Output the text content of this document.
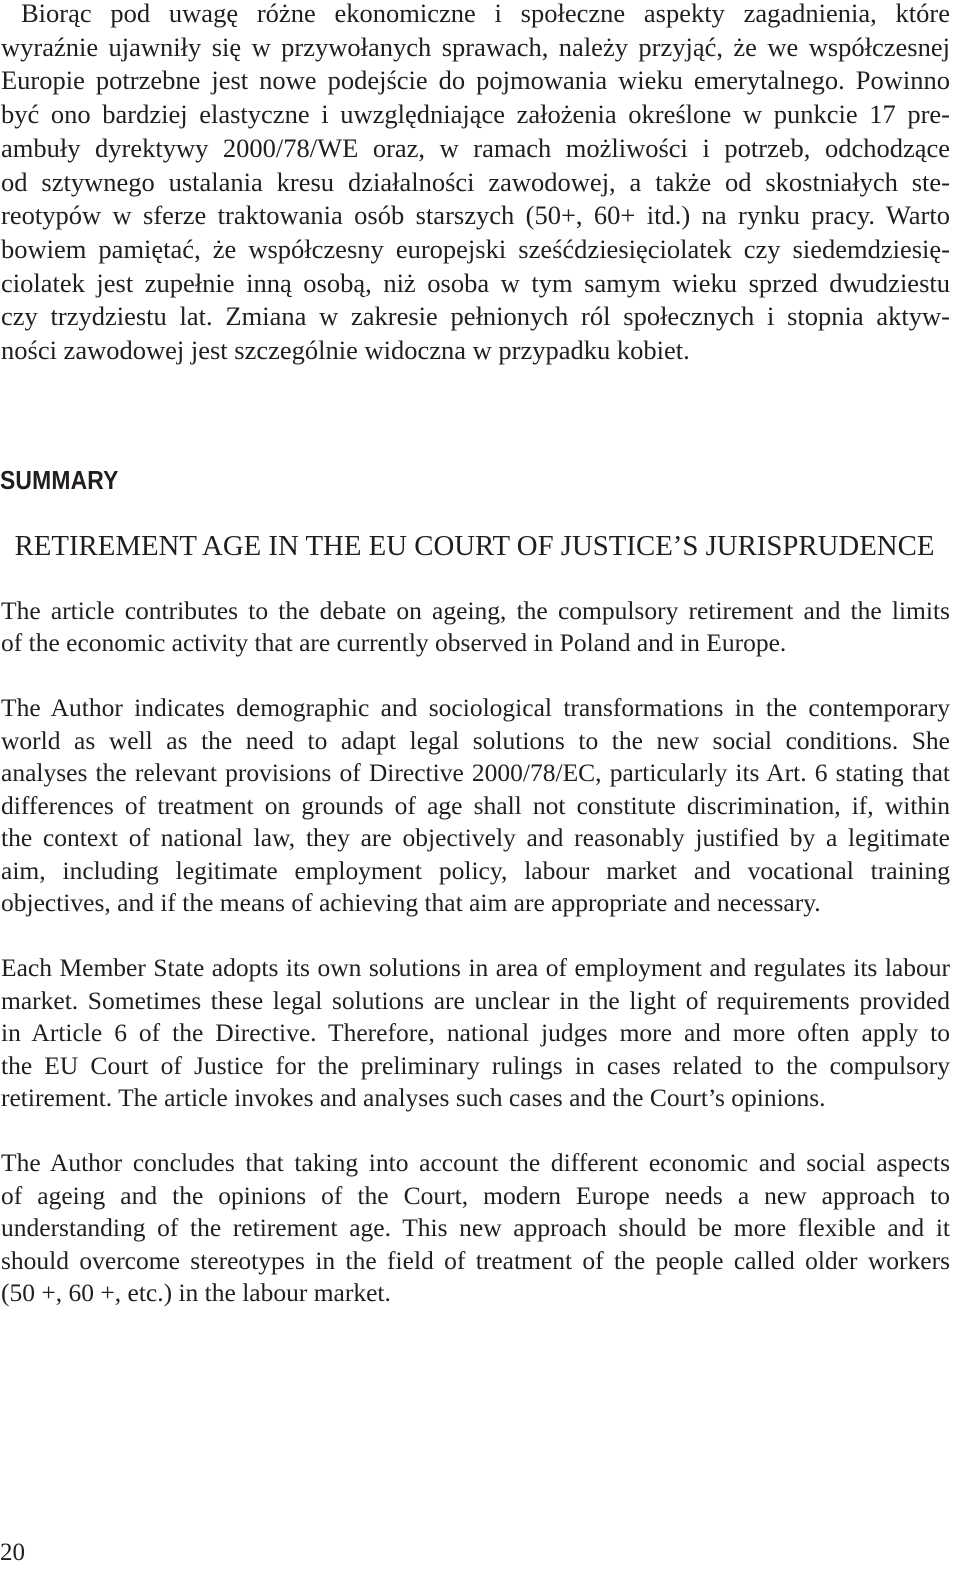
Biorąc pod uwagę różne ekonomiczne i społeczne aspekty zagadnienia, które
wyraźnie ujawniły się w przywołanych sprawach, należy przyjąć, że we współczesnej
Europie potrzebne jest nowe podejście do pojmowania wieku emerytalnego. Powinno
być ono bardziej elastyczne i uwzględniające założenia określone w punkcie 17 pre-
ambuły dyrektywy 2000/78/WE oraz, w ramach możliwości i potrzeb, odchodzące
od sztywnego ustalania kresu działalności zawodowej, a także od skostniałych ste-
reotypów w sferze traktowania osób starszych (50+, 60+ itd.) na rynku pracy. Warto
bowiem pamiętać, że współczesny europejski sześćdziesięciolatek czy siedemdziesię-
ciolatek jest zupełnie inną osobą, niż osoba w tym samym wieku sprzed dwudziestu
czy trzydziestu lat. Zmiana w zakresie pełnionych ról społecznych i stopnia aktyw-
ności zawodowej jest szczególnie widoczna w przypadku kobiet.
SUMMARY
RETIREMENT AGE IN THE EU COURT OF JUSTICE’S JURISPRUDENCE
The article contributes to the debate on ageing, the compulsory retirement and the limits
of the economic activity that are currently observed in Poland and in Europe.
The Author indicates demographic and sociological transformations in the contemporary
world as well as the need to adapt legal solutions to the new social conditions. She
analyses the relevant provisions of Directive 2000/78/EC, particularly its Art. 6 stating that
differences of treatment on grounds of age shall not constitute discrimination, if, within
the context of national law, they are objectively and reasonably justified by a legitimate
aim, including legitimate employment policy, labour market and vocational training
objectives, and if the means of achieving that aim are appropriate and necessary.
Each Member State adopts its own solutions in area of employment and regulates its labour
market. Sometimes these legal solutions are unclear in the light of requirements provided
in Article 6 of the Directive. Therefore, national judges more and more often apply to
the EU Court of Justice for the preliminary rulings in cases related to the compulsory
retirement. The article invokes and analyses such cases and the Court’s opinions.
The Author concludes that taking into account the different economic and social aspects
of ageing and the opinions of the Court, modern Europe needs a new approach to
understanding of the retirement age. This new approach should be more flexible and it
should overcome stereotypes in the field of treatment of the people called older workers
(50 +, 60 +, etc.) in the labour market.
20
